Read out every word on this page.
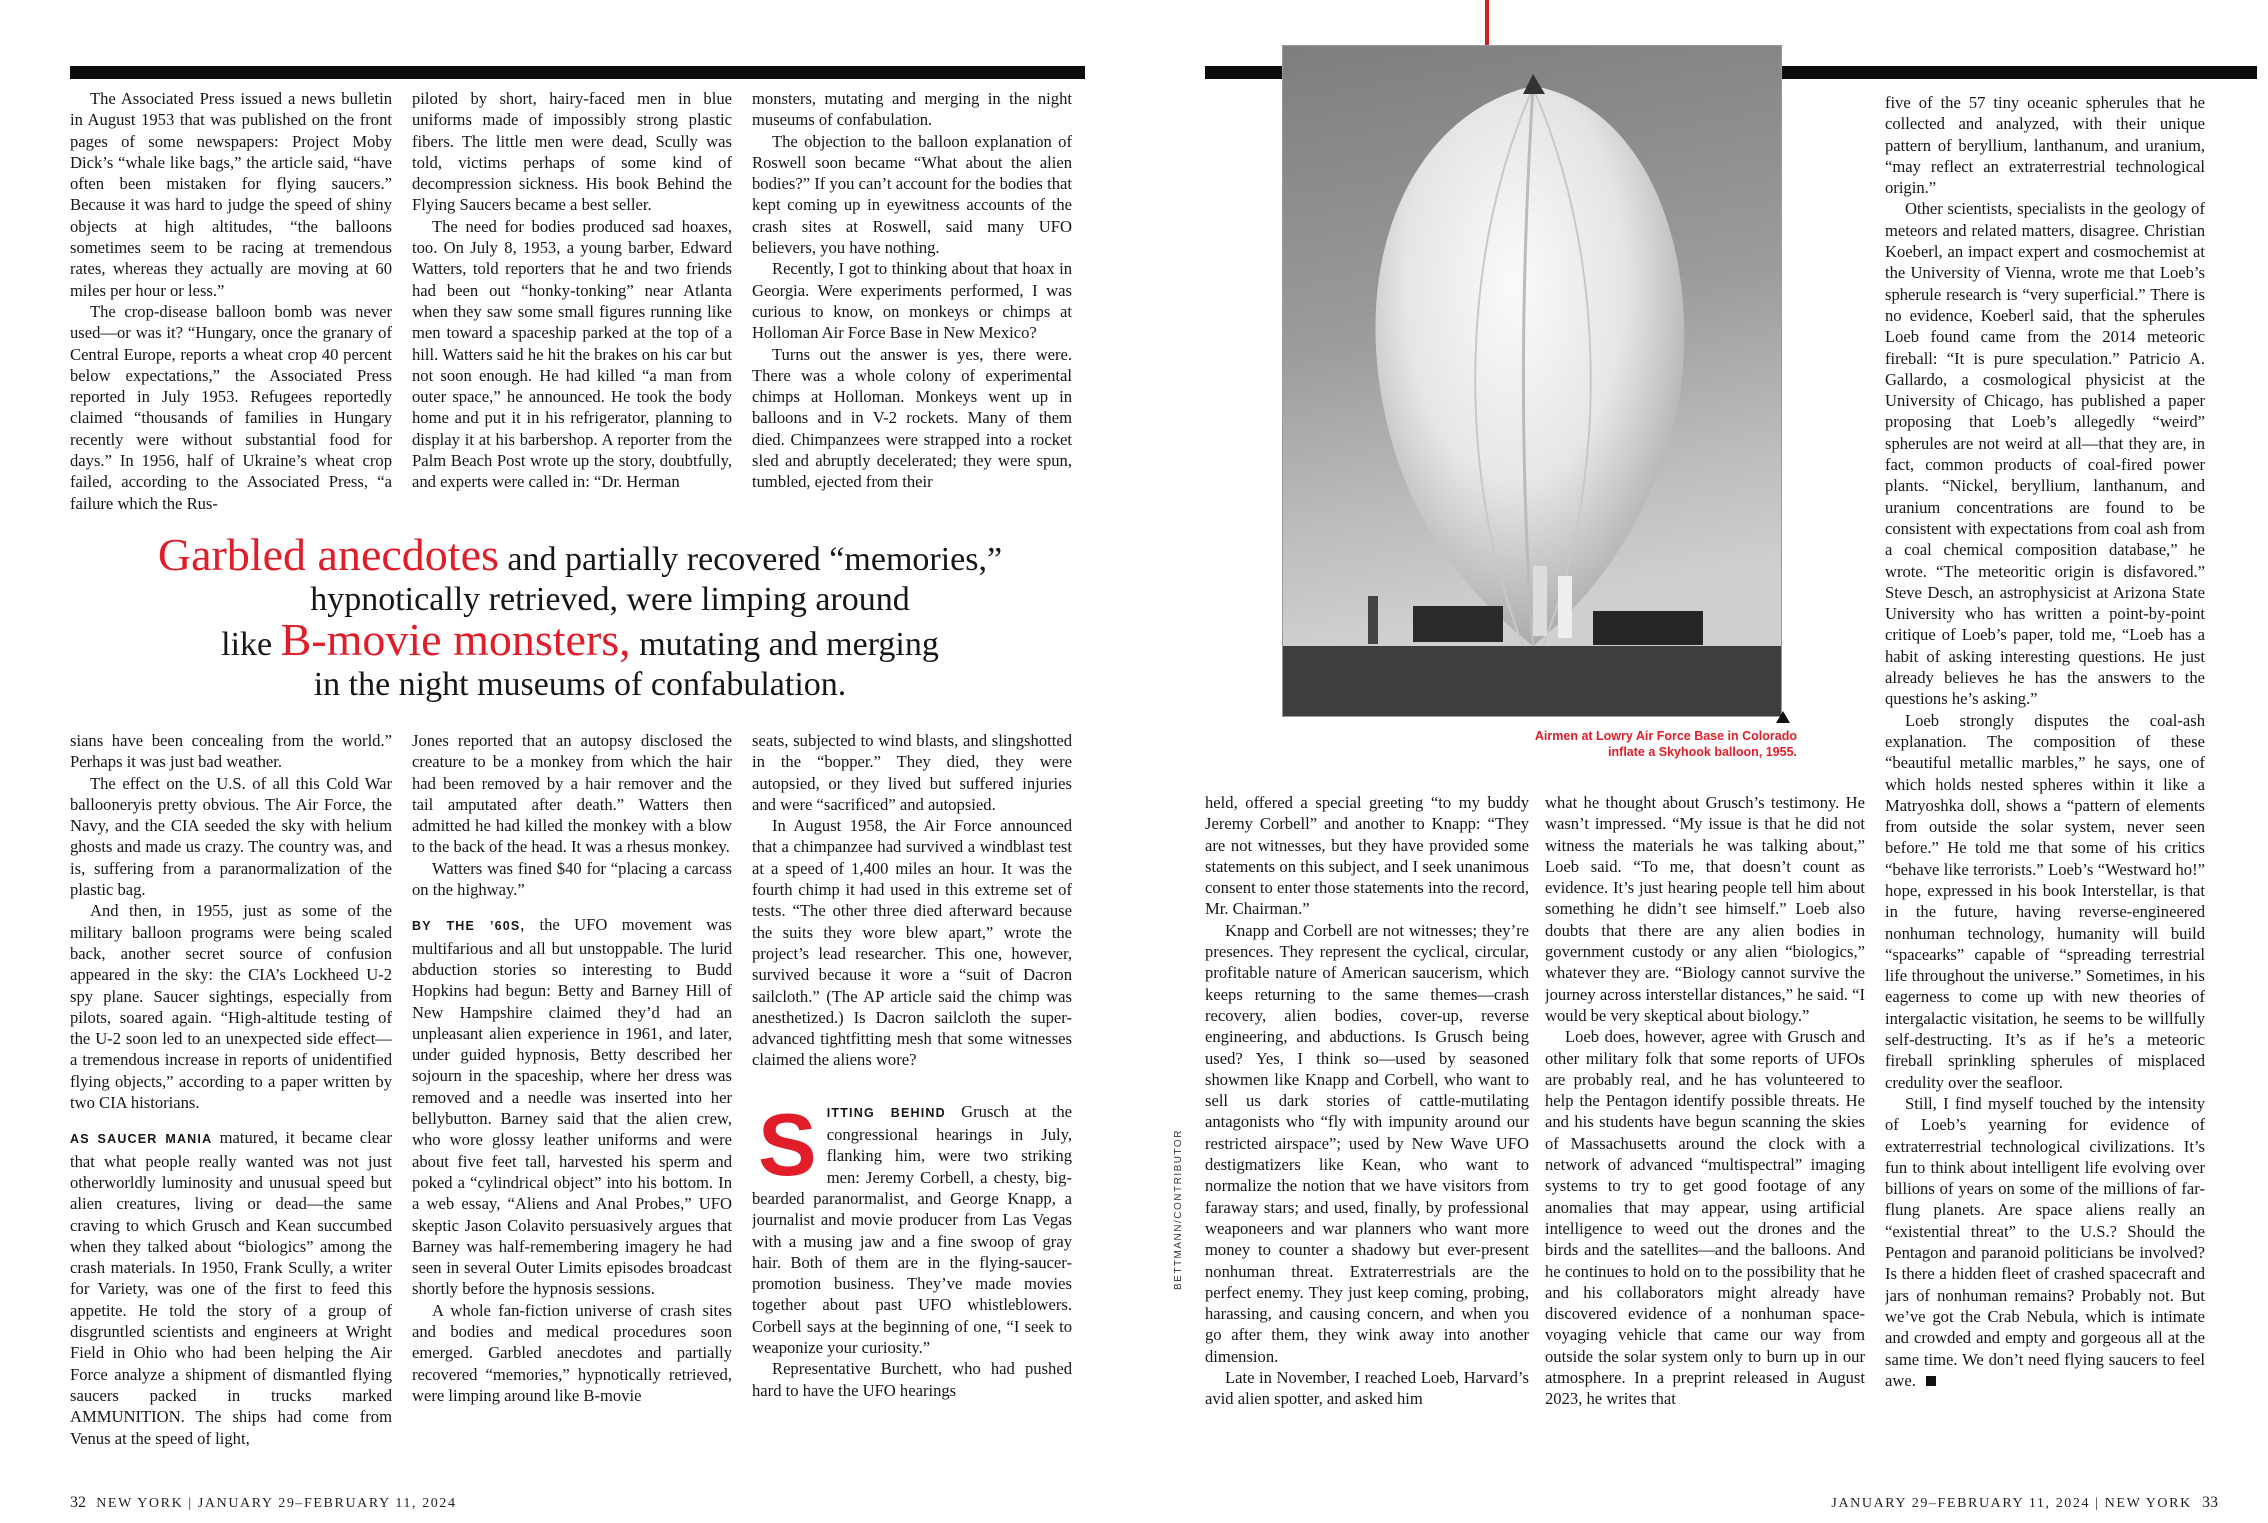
The Associated Press issued a news bulletin in August 1953 that was published on the front pages of some newspapers: Project Moby Dick’s “whale like bags,” the article said, “have often been mistaken for flying saucers.” Because it was hard to judge the speed of shiny objects at high altitudes, “the balloons sometimes seem to be racing at tremendous rates, whereas they actually are moving at 60 miles per hour or less.”

The crop-disease balloon bomb was never used—or was it? “Hungary, once the granary of Central Europe, reports a wheat crop 40 percent below expectations,” the Associated Press reported in July 1953. Refugees reportedly claimed “thousands of families in Hungary recently were without substantial food for days.” In 1956, half of Ukraine’s wheat crop failed, according to the Associated Press, “a failure which the Rus-

piloted by short, hairy-faced men in blue uniforms made of impossibly strong plastic fibers. The little men were dead, Scully was told, victims perhaps of some kind of decompression sickness. His book Behind the Flying Saucers became a best seller.

The need for bodies produced sad hoaxes, too. On July 8, 1953, a young barber, Edward Watters, told reporters that he and two friends had been out “honky-tonking” near Atlanta when they saw some small figures running like men toward a spaceship parked at the top of a hill. Watters said he hit the brakes on his car but not soon enough. He had killed “a man from outer space,” he announced. He took the body home and put it in his refrigerator, planning to display it at his barbershop. A reporter from the Palm Beach Post wrote up the story, doubtfully, and experts were called in: “Dr. Herman

monsters, mutating and merging in the night museums of confabulation.

The objection to the balloon explanation of Roswell soon became “What about the alien bodies?” If you can’t account for the bodies that kept coming up in eyewitness accounts of the crash sites at Roswell, said many UFO believers, you have nothing.

Recently, I got to thinking about that hoax in Georgia. Were experiments performed, I was curious to know, on monkeys or chimps at Holloman Air Force Base in New Mexico?

Turns out the answer is yes, there were. There was a whole colony of experimental chimps at Holloman. Monkeys went up in balloons and in V-2 rockets. Many of them died. Chimpanzees were strapped into a rocket sled and abruptly decelerated; they were spun, tumbled, ejected from their

Garbled anecdotes and partially recovered “memories,”
hypnotically retrieved, were limping around
like B-movie monsters, mutating and merging
in the night museums of confabulation.

sians have been concealing from the world.” Perhaps it was just bad weather.

The effect on the U.S. of all this Cold War ballooneryis pretty obvious. The Air Force, the Navy, and the CIA seeded the sky with helium ghosts and made us crazy. The country was, and is, suffering from a paranormalization of the plastic bag.

And then, in 1955, just as some of the military balloon programs were being scaled back, another secret source of confusion appeared in the sky: the CIA’s Lockheed U-2 spy plane. Saucer sightings, especially from pilots, soared again. “High-altitude testing of the U-2 soon led to an unexpected side effect—a tremendous increase in reports of unidentified flying objects,” according to a paper written by two CIA historians.

AS SAUCER MANIA matured, it became clear that what people really wanted was not just otherworldly luminosity and unusual speed but alien creatures, living or dead—the same craving to which Grusch and Kean succumbed when they talked about “biologics” among the crash materials. In 1950, Frank Scully, a writer for Variety, was one of the first to feed this appetite. He told the story of a group of disgruntled scientists and engineers at Wright Field in Ohio who had been helping the Air Force analyze a shipment of dismantled flying saucers packed in trucks marked AMMUNITION. The ships had come from Venus at the speed of light,

Jones reported that an autopsy disclosed the creature to be a monkey from which the hair had been removed by a hair remover and the tail amputated after death.” Watters then admitted he had killed the monkey with a blow to the back of the head. It was a rhesus monkey.

Watters was fined $40 for “placing a carcass on the highway.”

BY THE ’60S, the UFO movement was multifarious and all but unstoppable. The lurid abduction stories so interesting to Budd Hopkins had begun: Betty and Barney Hill of New Hampshire claimed they’d had an unpleasant alien experience in 1961, and later, under guided hypnosis, Betty described her sojourn in the spaceship, where her dress was removed and a needle was inserted into her bellybutton. Barney said that the alien crew, who wore glossy leather uniforms and were about five feet tall, harvested his sperm and poked a “cylindrical object” into his bottom. In a web essay, “Aliens and Anal Probes,” UFO skeptic Jason Colavito persuasively argues that Barney was half-remembering imagery he had seen in several Outer Limits episodes broadcast shortly before the hypnosis sessions.

A whole fan-fiction universe of crash sites and bodies and medical procedures soon emerged. Garbled anecdotes and partially recovered “memories,” hypnotically retrieved, were limping around like B-movie

seats, subjected to wind blasts, and slingshotted in the “bopper.” They died, they were autopsied, or they lived but suffered injuries and were “sacrificed” and autopsied.

In August 1958, the Air Force announced that a chimpanzee had survived a windblast test at a speed of 1,400 miles an hour. It was the fourth chimp it had used in this extreme set of tests. “The other three died afterward because the suits they wore blew apart,” wrote the project’s lead researcher. This one, however, survived because it wore a “suit of Dacron sailcloth.” (The AP article said the chimp was anesthetized.) Is Dacron sailcloth the super-advanced tightfitting mesh that some witnesses claimed the aliens wore?

SITTING BEHIND Grusch at the congressional hearings in July, flanking him, were two striking men: Jeremy Corbell, a chesty, big-bearded paranormalist, and George Knapp, a journalist and movie producer from Las Vegas with a musing jaw and a fine swoop of gray hair. Both of them are in the flying-saucer-promotion business. They’ve made movies together about past UFO whistleblowers. Corbell says at the beginning of one, “I seek to weaponize your curiosity.”

Representative Burchett, who had pushed hard to have the UFO hearings

Airmen at Lowry Air Force Base in Colorado inflate a Skyhook balloon, 1955.
BETTMANN/CONTRIBUTOR

held, offered a special greeting “to my buddy Jeremy Corbell” and another to Knapp: “They are not witnesses, but they have provided some statements on this subject, and I seek unanimous consent to enter those statements into the record, Mr. Chairman.”

Knapp and Corbell are not witnesses; they’re presences. They represent the cyclical, circular, profitable nature of American saucerism, which keeps returning to the same themes—crash recovery, alien bodies, cover-up, reverse engineering, and abductions. Is Grusch being used? Yes, I think so—used by seasoned showmen like Knapp and Corbell, who want to sell us dark stories of cattle-mutilating antagonists who “fly with impunity around our restricted airspace”; used by New Wave UFO destigmatizers like Kean, who want to normalize the notion that we have visitors from faraway stars; and used, finally, by professional weaponeers and war planners who want more money to counter a shadowy but ever-present nonhuman threat. Extraterrestrials are the perfect enemy. They just keep coming, probing, harassing, and causing concern, and when you go after them, they wink away into another dimension.

Late in November, I reached Loeb, Harvard’s avid alien spotter, and asked him

what he thought about Grusch’s testimony. He wasn’t impressed. “My issue is that he did not witness the materials he was talking about,” Loeb said. “To me, that doesn’t count as evidence. It’s just hearing people tell him about something he didn’t see himself.” Loeb also doubts that there are any alien bodies in government custody or any alien “biologics,” whatever they are. “Biology cannot survive the journey across interstellar distances,” he said. “I would be very skeptical about biology.”

Loeb does, however, agree with Grusch and other military folk that some reports of UFOs are probably real, and he has volunteered to help the Pentagon identify possible threats. He and his students have begun scanning the skies of Massachusetts around the clock with a network of advanced “multispectral” imaging systems to try to get good footage of any anomalies that may appear, using artificial intelligence to weed out the drones and the birds and the satellites—and the balloons. And he continues to hold on to the possibility that he and his collaborators might already have discovered evidence of a nonhuman space-voyaging vehicle that came our way from outside the solar system only to burn up in our atmosphere. In a preprint released in August 2023, he writes that

five of the 57 tiny oceanic spherules that he collected and analyzed, with their unique pattern of beryllium, lanthanum, and uranium, “may reflect an extraterrestrial technological origin.”

Other scientists, specialists in the geology of meteors and related matters, disagree. Christian Koeberl, an impact expert and cosmochemist at the University of Vienna, wrote me that Loeb’s spherule research is “very superficial.” There is no evidence, Koeberl said, that the spherules Loeb found came from the 2014 meteoric fireball: “It is pure speculation.” Patricio A. Gallardo, a cosmological physicist at the University of Chicago, has published a paper proposing that Loeb’s allegedly “weird” spherules are not weird at all—that they are, in fact, common products of coal-fired power plants. “Nickel, beryllium, lanthanum, and uranium concentrations are found to be consistent with expectations from coal ash from a coal chemical composition database,” he wrote. “The meteoritic origin is disfavored.” Steve Desch, an astrophysicist at Arizona State University who has written a point-by-point critique of Loeb’s paper, told me, “Loeb has a habit of asking interesting questions. He just already believes he has the answers to the questions he’s asking.”

Loeb strongly disputes the coal-ash explanation. The composition of these “beautiful metallic marbles,” he says, one of which holds nested spheres within it like a Matryoshka doll, shows a “pattern of elements from outside the solar system, never seen before.” He told me that some of his critics “behave like terrorists.” Loeb’s “Westward ho!” hope, expressed in his book Interstellar, is that in the future, having reverse-engineered nonhuman technology, humanity will build “spacearks” capable of “spreading terrestrial life throughout the universe.” Sometimes, in his eagerness to come up with new theories of intergalactic visitation, he seems to be willfully self-destructing. It’s as if he’s a meteoric fireball sprinkling spherules of misplaced credulity over the seafloor.

Still, I find myself touched by the intensity of Loeb’s yearning for evidence of extraterrestrial technological civilizations. It’s fun to think about intelligent life evolving over billions of years on some of the millions of far-flung planets. Are space aliens really an “existential threat” to the U.S.? Should the Pentagon and paranoid politicians be involved? Is there a hidden fleet of crashed spacecraft and jars of nonhuman remains? Probably not. But we’ve got the Crab Nebula, which is intimate and crowded and empty and gorgeous all at the same time. We don’t need flying saucers to feel awe.

32 NEW YORK | JANUARY 29–FEBRUARY 11, 2024	JANUARY 29–FEBRUARY 11, 2024 | NEW YORK 33
